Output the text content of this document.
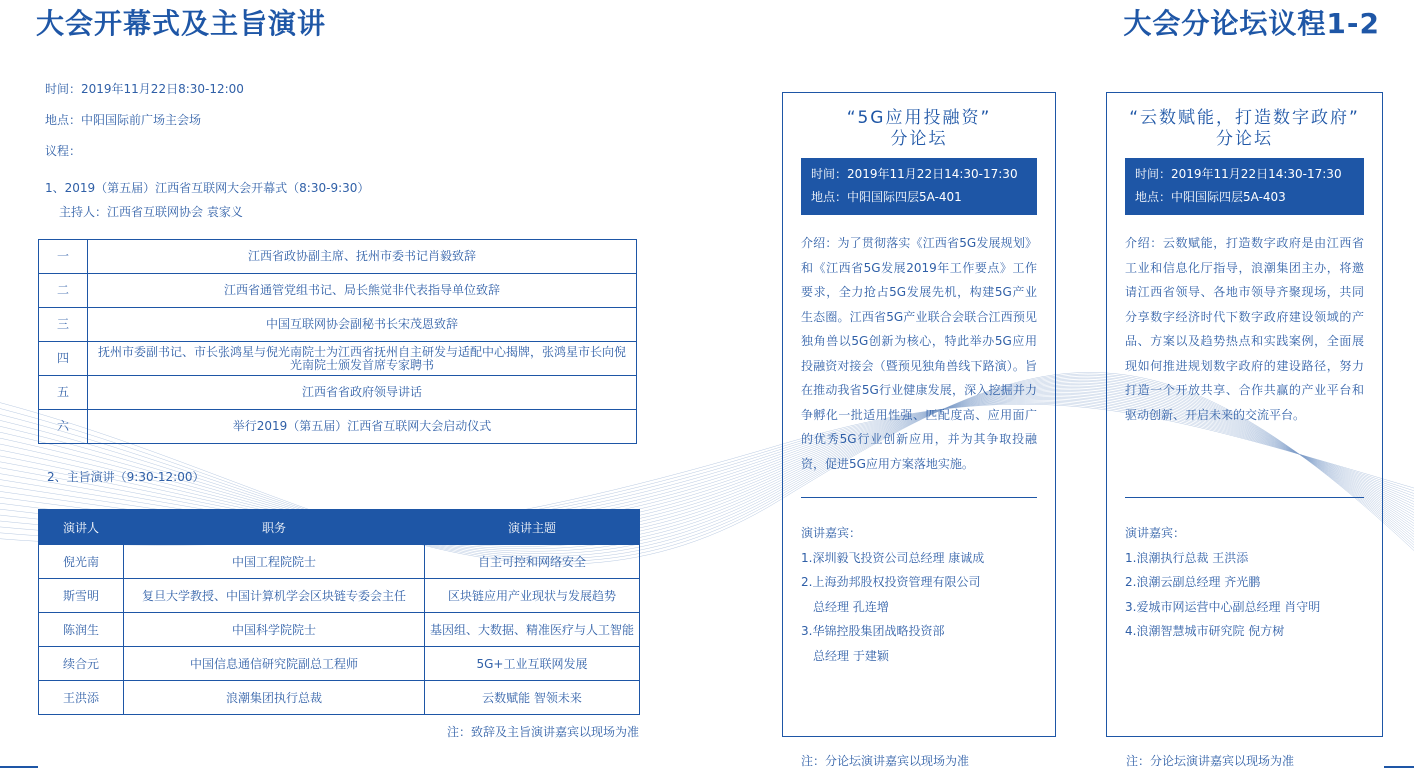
大会开幕式及主旨演讲	大会分论坛议程1-2
时间：2019年11月22日8:30-12:00
地点：中阳国际前广场主会场
议程：
1、2019（第五届）江西省互联网大会开幕式（8:30-9:30）
主持人：江西省互联网协会 袁家义
一	江西省政协副主席、抚州市委书记肖毅致辞
二	江西省通管党组书记、局长熊觉非代表指导单位致辞
三	中国互联网协会副秘书长宋茂恩致辞
四	抚州市委副书记、市长张鸿星与倪光南院士为江西省抚州自主研发与适配中心揭牌，张鸿星市长向倪光南院士颁发首席专家聘书
五	江西省省政府领导讲话
六	举行2019（第五届）江西省互联网大会启动仪式
2、主旨演讲（9:30-12:00）
演讲人	职务	演讲主题
倪光南	中国工程院院士	自主可控和网络安全
斯雪明	复旦大学教授、中国计算机学会区块链专委会主任	区块链应用产业现状与发展趋势
陈润生	中国科学院院士	基因组、大数据、精准医疗与人工智能
续合元	中国信息通信研究院副总工程师	5G+工业互联网发展
王洪添	浪潮集团执行总裁	云数赋能 智领未来
注：致辞及主旨演讲嘉宾以现场为准
“5G应用投融资”
分论坛
时间：2019年11月22日14:30-17:30
地点：中阳国际四层5A-401
介绍：为了贯彻落实《江西省5G发展规划》和《江西省5G发展2019年工作要点》工作要求，全力抢占5G发展先机，构建5G产业生态圈。江西省5G产业联合会联合江西预见独角兽以5G创新为核心，特此举办5G应用投融资对接会（暨预见独角兽线下路演）。旨在推动我省5G行业健康发展，深入挖掘并力争孵化一批适用性强、匹配度高、应用面广的优秀5G行业创新应用，并为其争取投融资，促进5G应用方案落地实施。
演讲嘉宾：
1.深圳毅飞投资公司总经理 康诚成
2.上海劲邦股权投资管理有限公司
总经理 孔连增
3.华锦控股集团战略投资部
总经理 于建颖
注：分论坛演讲嘉宾以现场为准
“云数赋能，打造数字政府”
分论坛
时间：2019年11月22日14:30-17:30
地点：中阳国际四层5A-403
介绍：云数赋能，打造数字政府是由江西省工业和信息化厅指导，浪潮集团主办，将邀请江西省领导、各地市领导齐聚现场，共同分享数字经济时代下数字政府建设领域的产品、方案以及趋势热点和实践案例，全面展现如何推进规划数字政府的建设路径，努力打造一个开放共享、合作共赢的产业平台和驱动创新、开启未来的交流平台。
演讲嘉宾：
1.浪潮执行总裁 王洪添
2.浪潮云副总经理 齐光鹏
3.爱城市网运营中心副总经理 肖守明
4.浪潮智慧城市研究院 倪方树
注：分论坛演讲嘉宾以现场为准
